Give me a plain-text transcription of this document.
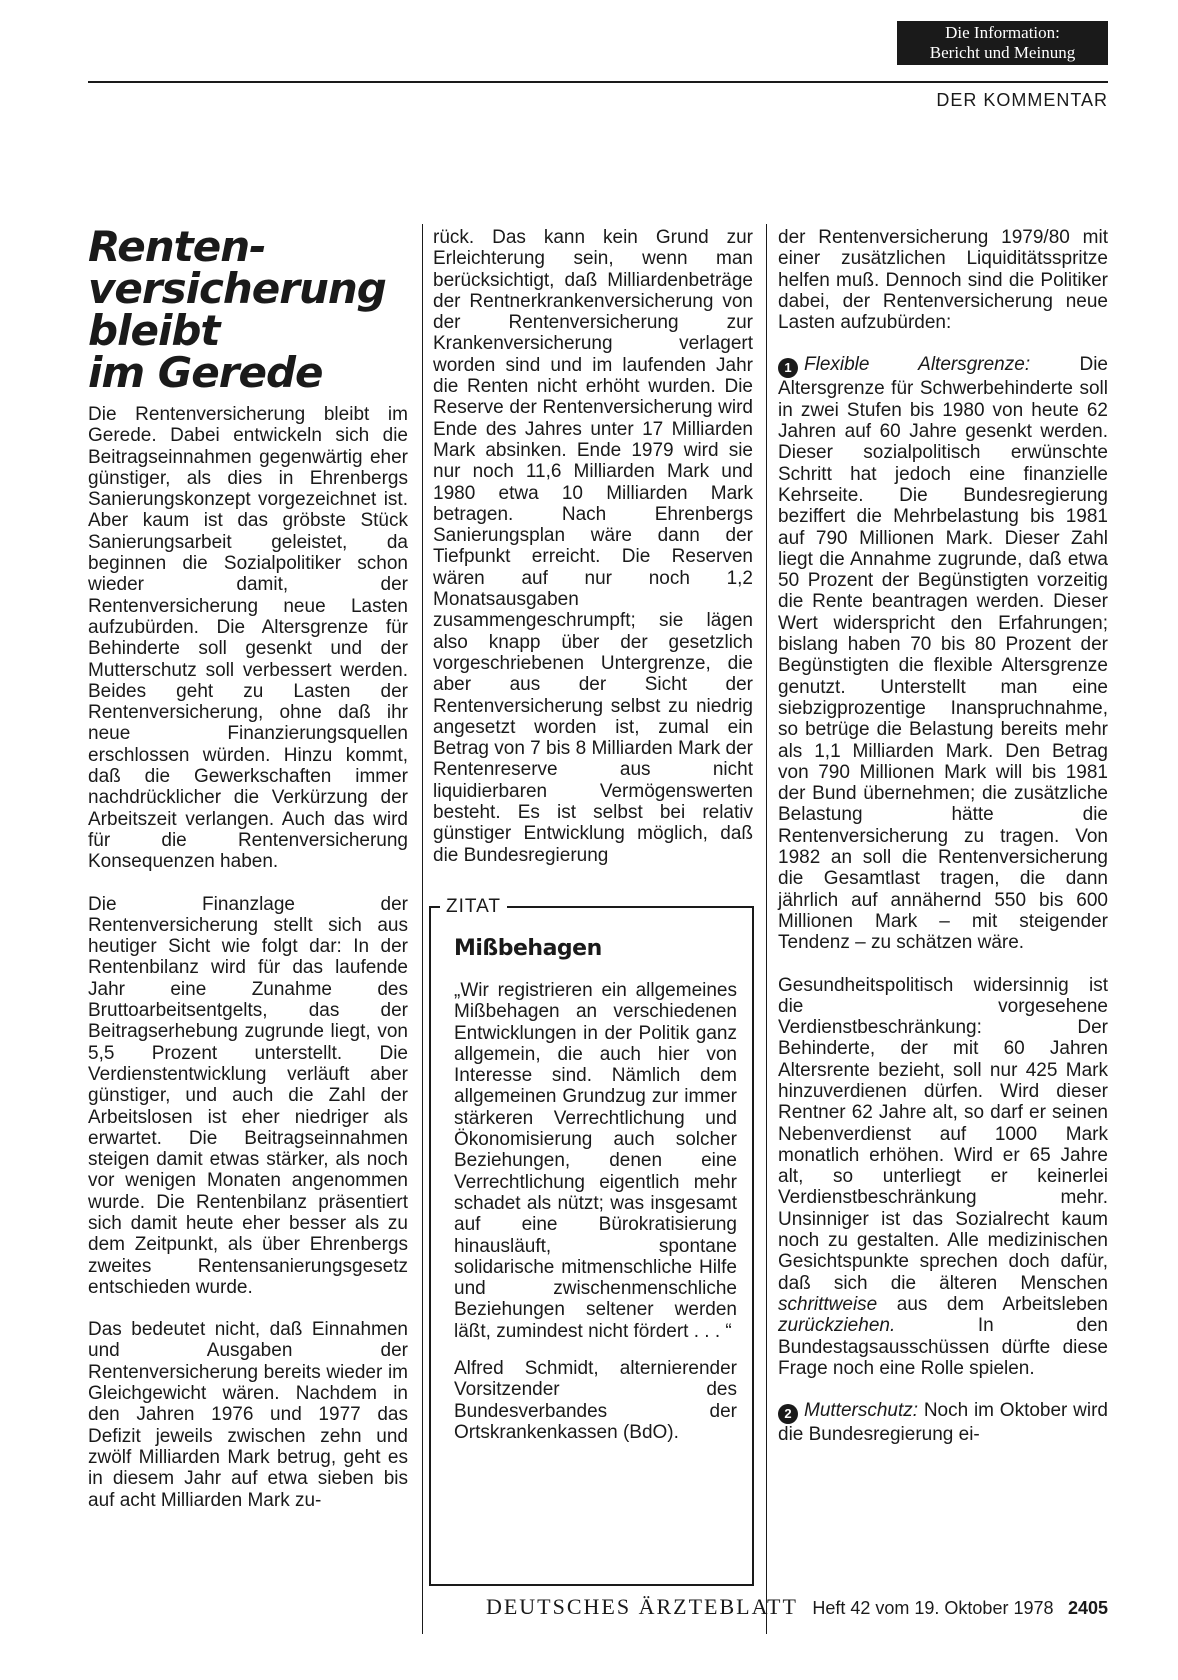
Die Information:
Bericht und Meinung
DER KOMMENTAR
Renten-
versicherung
bleibt
im Gerede

Die Rentenversicherung bleibt im Gerede. Dabei entwickeln sich die Beitragseinnahmen gegenwärtig eher günstiger, als dies in Ehrenbergs Sanierungskonzept vorgezeichnet ist. Aber kaum ist das gröbste Stück Sanierungsarbeit geleistet, da beginnen die Sozialpolitiker schon wieder damit, der Rentenversicherung neue Lasten aufzubürden. Die Altersgrenze für Behinderte soll gesenkt und der Mutterschutz soll verbessert werden. Beides geht zu Lasten der Rentenversicherung, ohne daß ihr neue Finanzierungsquellen erschlossen würden. Hinzu kommt, daß die Gewerkschaften immer nachdrücklicher die Verkürzung der Arbeitszeit verlangen. Auch das wird für die Rentenversicherung Konsequenzen haben.

Die Finanzlage der Rentenversicherung stellt sich aus heutiger Sicht wie folgt dar: In der Rentenbilanz wird für das laufende Jahr eine Zunahme des Bruttoarbeitsentgelts, das der Beitragserhebung zugrunde liegt, von 5,5 Prozent unterstellt. Die Verdienstentwicklung verläuft aber günstiger, und auch die Zahl der Arbeitslosen ist eher niedriger als erwartet. Die Beitragseinnahmen steigen damit etwas stärker, als noch vor wenigen Monaten angenommen wurde. Die Rentenbilanz präsentiert sich damit heute eher besser als zu dem Zeitpunkt, als über Ehrenbergs zweites Rentensanierungsgesetz entschieden wurde.

Das bedeutet nicht, daß Einnahmen und Ausgaben der Rentenversicherung bereits wieder im Gleichgewicht wären. Nachdem in den Jahren 1976 und 1977 das Defizit jeweils zwischen zehn und zwölf Milliarden Mark betrug, geht es in diesem Jahr auf etwa sieben bis auf acht Milliarden Mark zu-

rück. Das kann kein Grund zur Erleichterung sein, wenn man berücksichtigt, daß Milliardenbeträge der Rentnerkrankenversicherung von der Rentenversicherung zur Krankenversicherung verlagert worden sind und im laufenden Jahr die Renten nicht erhöht wurden. Die Reserve der Rentenversicherung wird Ende des Jahres unter 17 Milliarden Mark absinken. Ende 1979 wird sie nur noch 11,6 Milliarden Mark und 1980 etwa 10 Milliarden Mark betragen. Nach Ehrenbergs Sanierungsplan wäre dann der Tiefpunkt erreicht. Die Reserven wären auf nur noch 1,2 Monatsausgaben zusammengeschrumpft; sie lägen also knapp über der gesetzlich vorgeschriebenen Untergrenze, die aber aus der Sicht der Rentenversicherung selbst zu niedrig angesetzt worden ist, zumal ein Betrag von 7 bis 8 Milliarden Mark der Rentenreserve aus nicht liquidierbaren Vermögenswerten besteht. Es ist selbst bei relativ günstiger Entwicklung möglich, daß die Bundesregierung

ZITAT
Mißbehagen

„Wir registrieren ein allgemeines Mißbehagen an verschiedenen Entwicklungen in der Politik ganz allgemein, die auch hier von Interesse sind. Nämlich dem allgemeinen Grundzug zur immer stärkeren Verrechtlichung und Ökonomisierung auch solcher Beziehungen, denen eine Verrechtlichung eigentlich mehr schadet als nützt; was insgesamt auf eine Bürokratisierung hinausläuft, spontane solidarische mitmenschliche Hilfe und zwischenmenschliche Beziehungen seltener werden läßt, zumindest nicht fördert . . . “

Alfred Schmidt, alternierender Vorsitzender des Bundesverbandes der Ortskrankenkassen (BdO).

der Rentenversicherung 1979/80 mit einer zusätzlichen Liquiditätsspritze helfen muß. Dennoch sind die Politiker dabei, der Rentenversicherung neue Lasten aufzubürden:

1 Flexible Altersgrenze: Die Altersgrenze für Schwerbehinderte soll in zwei Stufen bis 1980 von heute 62 Jahren auf 60 Jahre gesenkt werden. Dieser sozialpolitisch erwünschte Schritt hat jedoch eine finanzielle Kehrseite. Die Bundesregierung beziffert die Mehrbelastung bis 1981 auf 790 Millionen Mark. Dieser Zahl liegt die Annahme zugrunde, daß etwa 50 Prozent der Begünstigten vorzeitig die Rente beantragen werden. Dieser Wert widerspricht den Erfahrungen; bislang haben 70 bis 80 Prozent der Begünstigten die flexible Altersgrenze genutzt. Unterstellt man eine siebzigprozentige Inanspruchnahme, so betrüge die Belastung bereits mehr als 1,1 Milliarden Mark. Den Betrag von 790 Millionen Mark will bis 1981 der Bund übernehmen; die zusätzliche Belastung hätte die Rentenversicherung zu tragen. Von 1982 an soll die Rentenversicherung die Gesamtlast tragen, die dann jährlich auf annähernd 550 bis 600 Millionen Mark – mit steigender Tendenz – zu schätzen wäre.

Gesundheitspolitisch widersinnig ist die vorgesehene Verdienstbeschränkung: Der Behinderte, der mit 60 Jahren Altersrente bezieht, soll nur 425 Mark hinzuverdienen dürfen. Wird dieser Rentner 62 Jahre alt, so darf er seinen Nebenverdienst auf 1000 Mark monatlich erhöhen. Wird er 65 Jahre alt, so unterliegt er keinerlei Verdienstbeschränkung mehr. Unsinniger ist das Sozialrecht kaum noch zu gestalten. Alle medizinischen Gesichtspunkte sprechen doch dafür, daß sich die älteren Menschen schrittweise aus dem Arbeitsleben zurückziehen. In den Bundestagsausschüssen dürfte diese Frage noch eine Rolle spielen.

2 Mutterschutz: Noch im Oktober wird die Bundesregierung ei-

DEUTSCHES ÄRZTEBLATT Heft 42 vom 19. Oktober 1978 2405
